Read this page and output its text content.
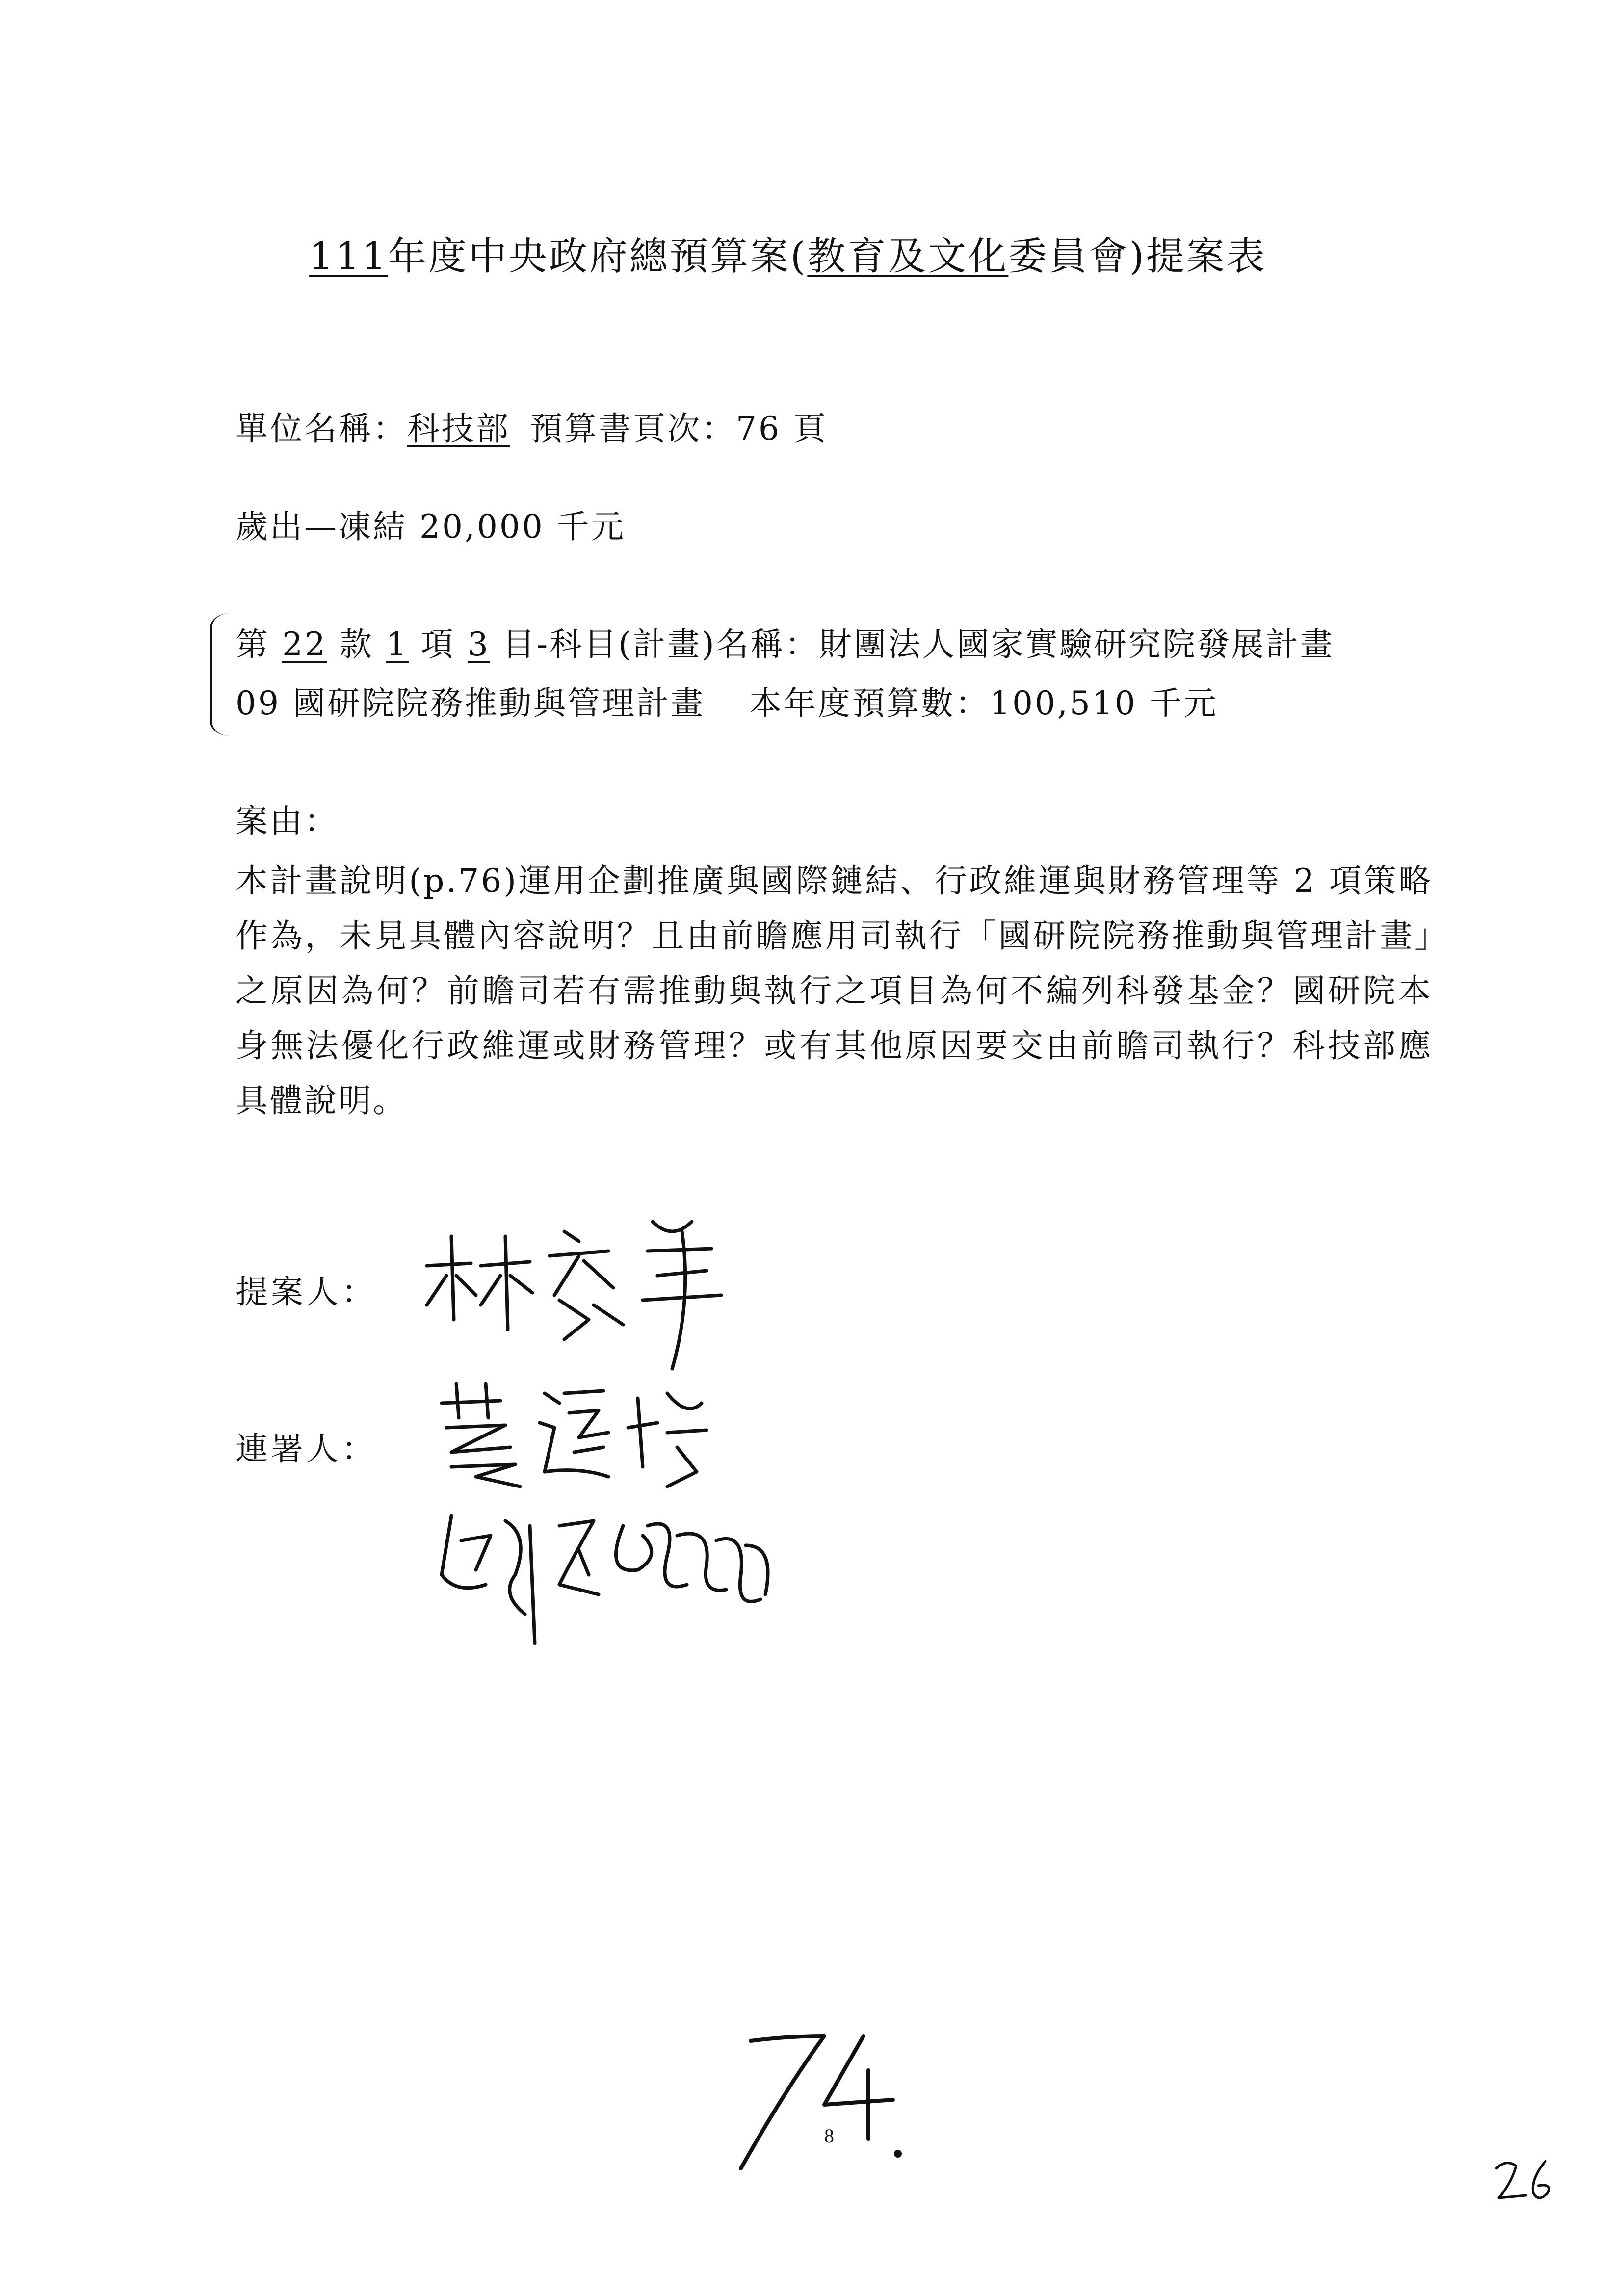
111年度中央政府總預算案(教育及文化委員會)提案表
單位名稱：科技部 預算書頁次：76 頁
歲出—凍結 20,000 千元
第 22 款 1 項 3 目-科目(計畫)名稱：財團法人國家實驗研究院發展計畫
09 國研院院務推動與管理計畫 本年度預算數：100,510 千元
案由：
本計畫說明(p.76)運用企劃推廣與國際鏈結、行政維運與財務管理等 2 項策略作為，未見具體內容說明？且由前瞻應用司執行「國研院院務推動與管理計畫」之原因為何？前瞻司若有需推動與執行之項目為何不編列科發基金？國研院本身無法優化行政維運或財務管理？或有其他原因要交由前瞻司執行？科技部應具體說明。
提案人：
連署人：
8
